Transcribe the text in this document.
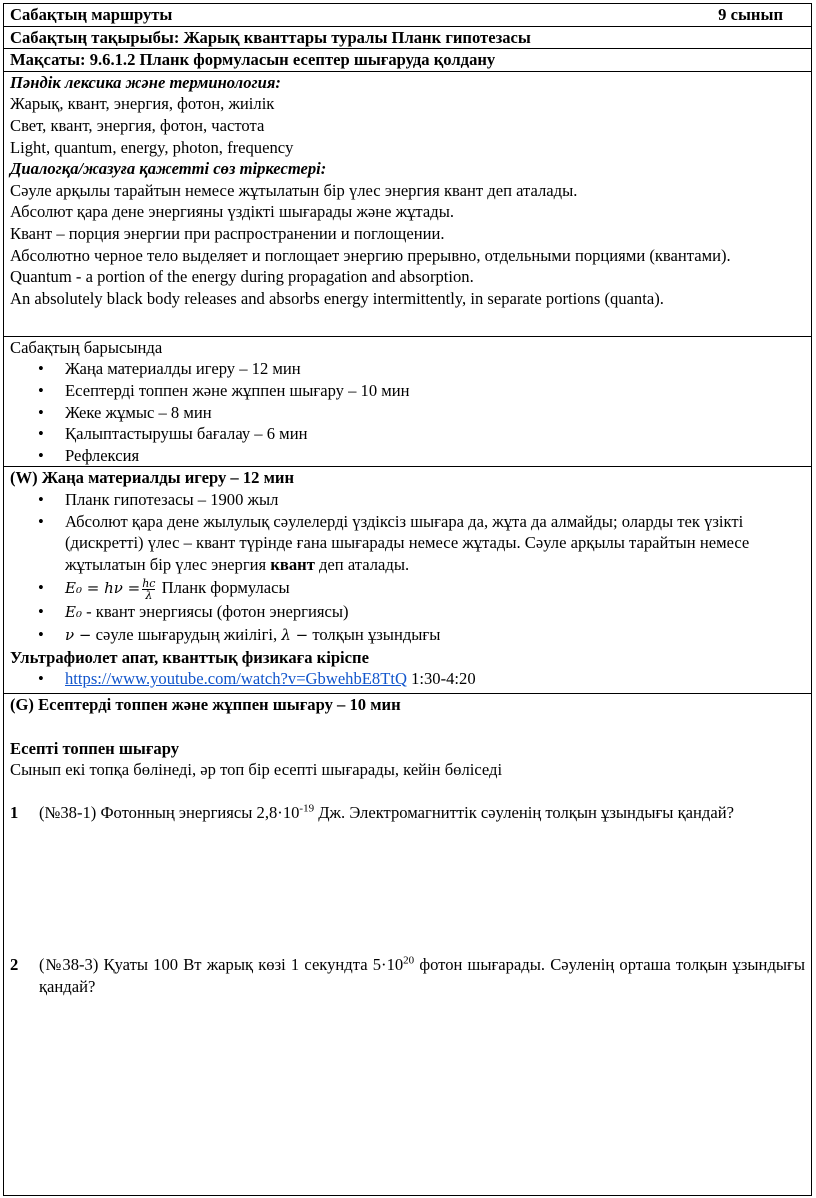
Сабақтың маршруты	9 сынып

Сабақтың тақырыбы: Жарық кванттары туралы Планк гипотезасы
Мақсаты: 9.6.1.2 Планк формуласын есептер шығаруда қолдану

Пәндік лексика және терминология:
Жарық, квант, энергия, фотон, жиілік
Свет, квант, энергия, фотон, частота
Light, quantum, energy, photon, frequency
Диалогқа/жазуға қажетті сөз тіркестері:
Сәуле арқылы тарайтын немесе жұтылатын бір үлес энергия квант деп аталады.
Абсолют қара дене энергияны үздікті шығарады және жұтады.
Квант – порция энергии при распространении и поглощении.
Абсолютно черное тело выделяет и поглощает энергию прерывно, отдельными порциями (квантами).
Quantum - a portion of the energy during propagation and absorption.
An absolutely black body releases and absorbs energy intermittently, in separate portions (quanta).

Сабақтың барысында
• Жаңа материалды игеру – 12 мин
• Есептерді топпен және жұппен шығару – 10 мин
• Жеке жұмыс – 8 мин
• Қалыптастырушы бағалау – 6 мин
• Рефлексия

(W) Жаңа материалды игеру – 12 мин
• Планк гипотезасы – 1900 жыл
• Абсолют қара дене жылулық сәулелерді үздіксіз шығара да, жұта да алмайды; оларды тек үзікті (дискретті) үлес – квант түрінде ғана шығарады немесе жұтады. Сәуле арқылы тарайтын немесе жұтылатын бір үлес энергия квант деп аталады.
• $E_0 = h\nu = \frac{hc}{\lambda}$ Планк формуласы
• E₀ - квант энергиясы (фотон энергиясы)
• ν − сәуле шығарудың жиілігі, λ − толқын ұзындығы
Ультрафиолет апат, кванттық физикаға кіріспе
• https://www.youtube.com/watch?v=GbwehbE8TtQ 1:30-4:20

(G) Есептерді топпен және жұппен шығару – 10 мин
Есепті топпен шығару
Сынып екі топқа бөлінеді, әр топ бір есепті шығарады, кейін бөліседі
1	(№38-1) Фотонның энергиясы $2,8\cdot 10^{-19}$ Дж. Электромагниттік сәуленің толқын ұзындығы қандай?
2	(№38-3) Қуаты 100 Вт жарық көзі 1 секундта $5\cdot 10^{20}$ фотон шығарады. Сәуленің орташа толқын ұзындығы қандай?
